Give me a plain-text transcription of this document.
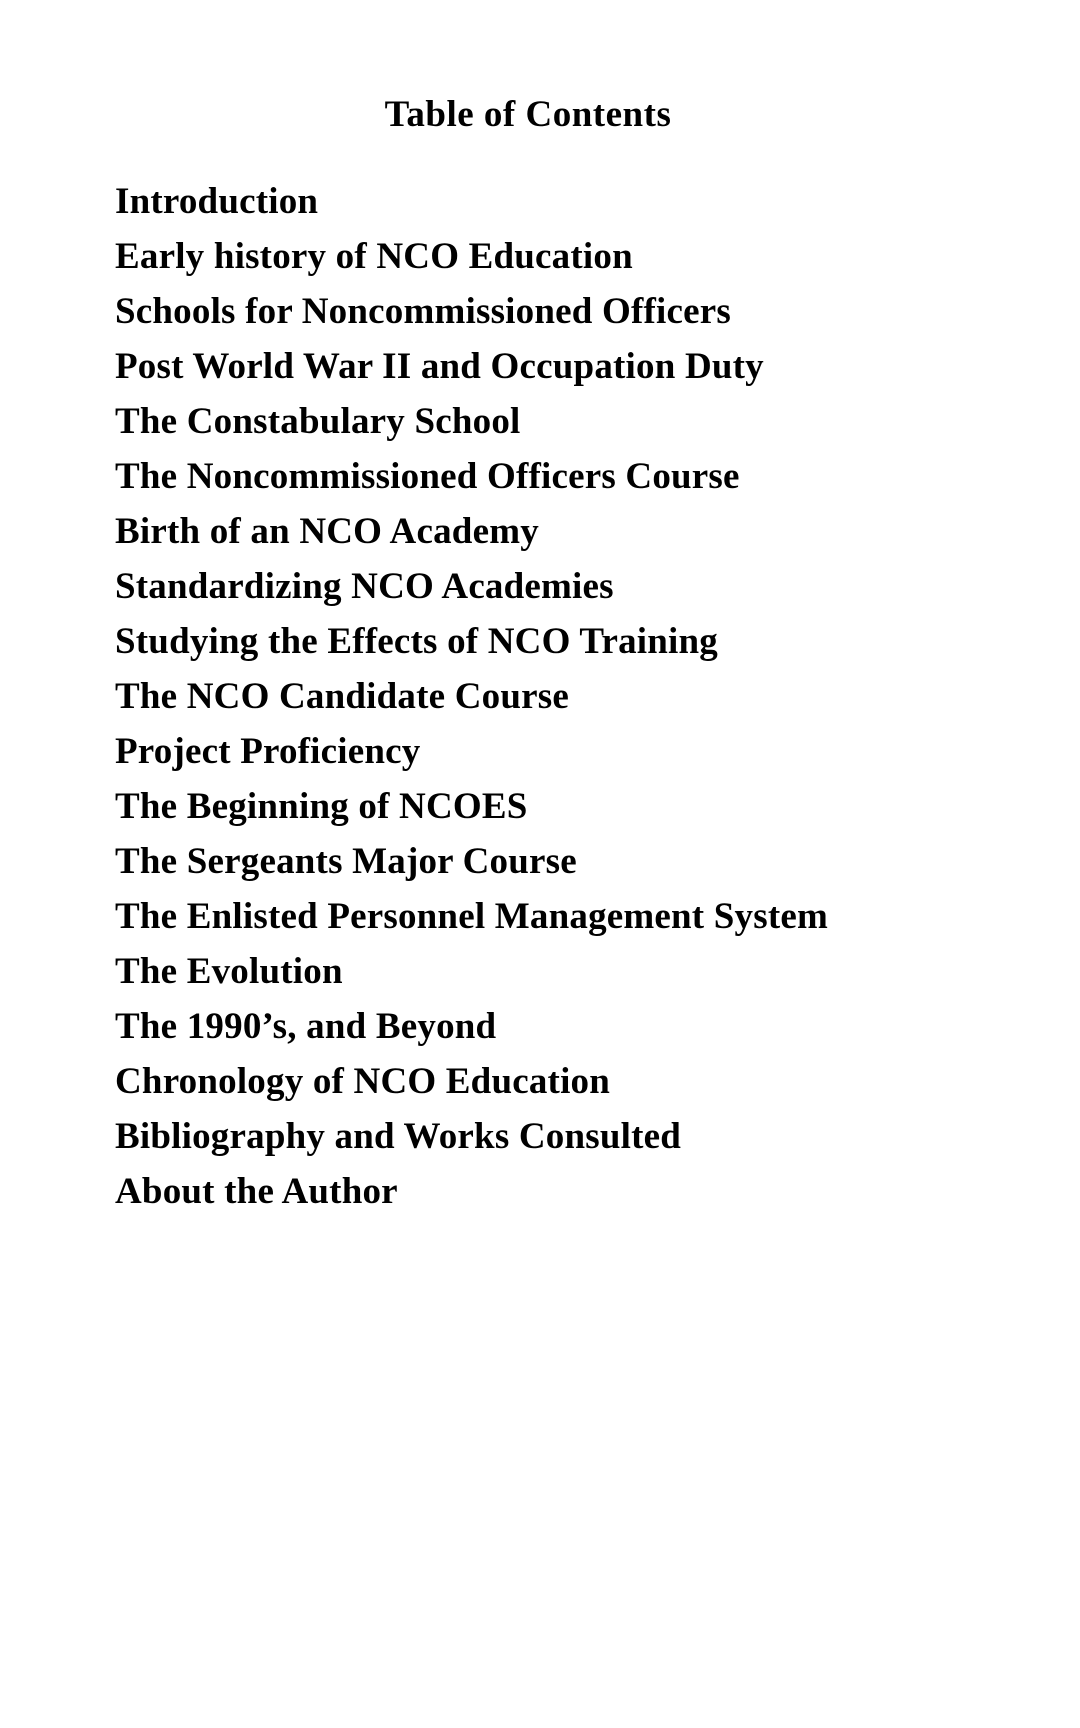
Table of Contents
Introduction
Early history of NCO Education
Schools for Noncommissioned Officers
Post World War II and Occupation Duty
The Constabulary School
The Noncommissioned Officers Course
Birth of an NCO Academy
Standardizing NCO Academies
Studying the Effects of NCO Training
The NCO Candidate Course
Project Proficiency
The Beginning of NCOES
The Sergeants Major Course
The Enlisted Personnel Management System
The Evolution
The 1990’s, and Beyond
Chronology of NCO Education
Bibliography and Works Consulted
About the Author
